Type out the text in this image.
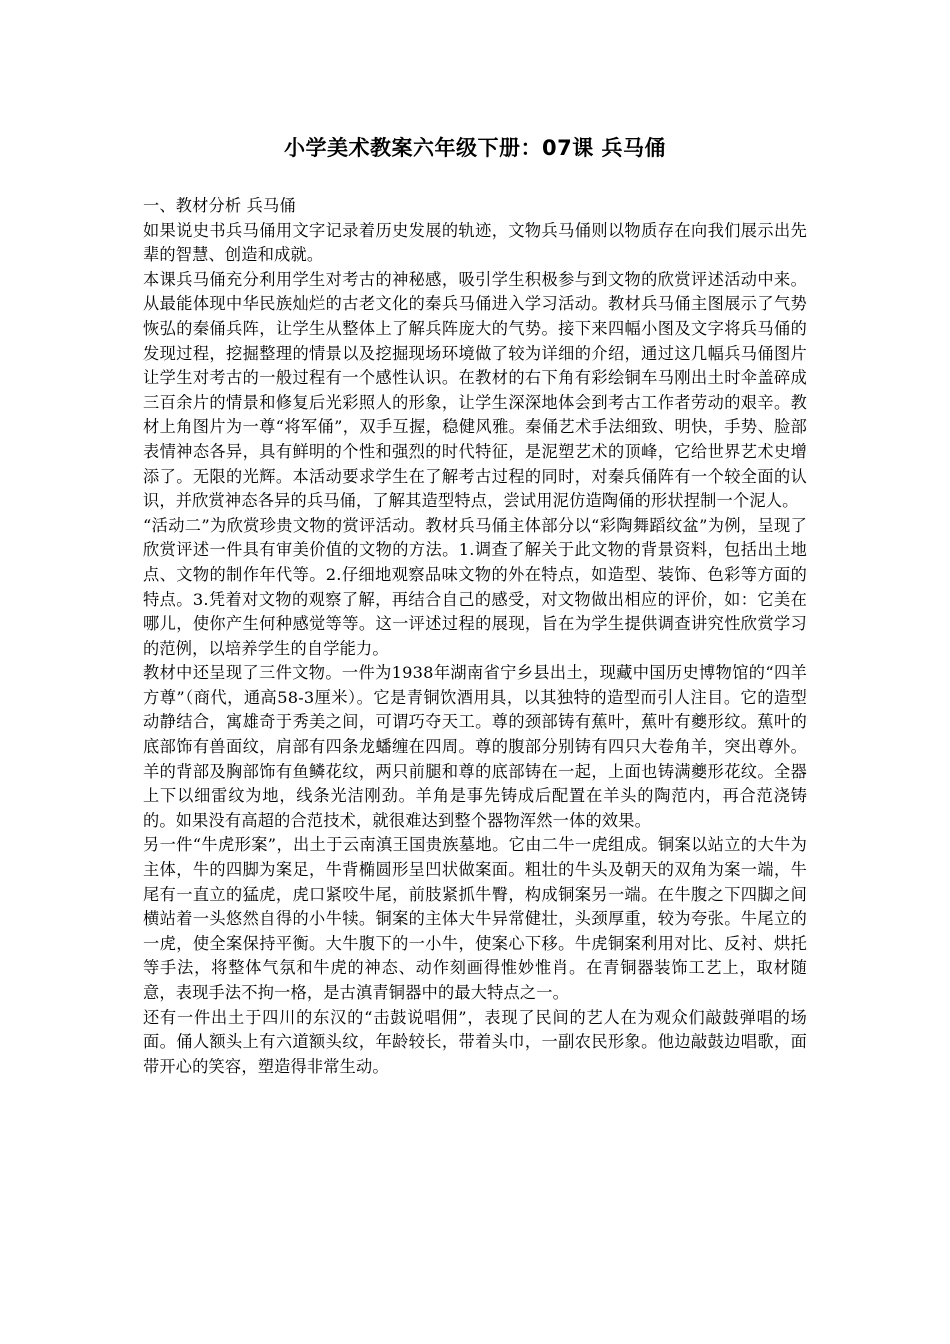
小学美术教案六年级下册：07课 兵马俑

一、教材分析 兵马俑

如果说史书兵马俑用文字记录着历史发展的轨迹，文物兵马俑则以物质存在向我们展示出先辈的智慧、创造和成就。

本课兵马俑充分利用学生对考古的神秘感，吸引学生积极参与到文物的欣赏评述活动中来。从最能体现中华民族灿烂的古老文化的秦兵马俑进入学习活动。教材兵马俑主图展示了气势恢弘的秦俑兵阵，让学生从整体上了解兵阵庞大的气势。接下来四幅小图及文字将兵马俑的发现过程，挖掘整理的情景以及挖掘现场环境做了较为详细的介绍，通过这几幅兵马俑图片让学生对考古的一般过程有一个感性认识。在教材的右下角有彩绘铜车马刚出土时伞盖碎成三百余片的情景和修复后光彩照人的形象，让学生深深地体会到考古工作者劳动的艰辛。教材上角图片为一尊“将军俑”，双手互握，稳健风雅。秦俑艺术手法细致、明快，手势、脸部表情神态各异，具有鲜明的个性和强烈的时代特征，是泥塑艺术的顶峰，它给世界艺术史增添了。无限的光辉。本活动要求学生在了解考古过程的同时，对秦兵俑阵有一个较全面的认识，并欣赏神态各异的兵马俑，了解其造型特点，尝试用泥仿造陶俑的形状捏制一个泥人。

“活动二”为欣赏珍贵文物的赏评活动。教材兵马俑主体部分以“彩陶舞蹈纹盆”为例，呈现了欣赏评述一件具有审美价值的文物的方法。1.调查了解关于此文物的背景资料，包括出土地点、文物的制作年代等。2.仔细地观察品味文物的外在特点，如造型、装饰、色彩等方面的特点。3.凭着对文物的观察了解，再结合自己的感受，对文物做出相应的评价，如：它美在哪儿，使你产生何种感觉等等。这一评述过程的展现，旨在为学生提供调查讲究性欣赏学习的范例，以培养学生的自学能力。

教材中还呈现了三件文物。一件为1938年湖南省宁乡县出土，现藏中国历史博物馆的“四羊方尊”（商代，通高58-3厘米）。它是青铜饮酒用具，以其独特的造型而引人注目。它的造型动静结合，寓雄奇于秀美之间，可谓巧夺天工。尊的颈部铸有蕉叶，蕉叶有夔形纹。蕉叶的底部饰有兽面纹，肩部有四条龙蟠缠在四周。尊的腹部分别铸有四只大卷角羊，突出尊外。羊的背部及胸部饰有鱼鳞花纹，两只前腿和尊的底部铸在一起，上面也铸满夔形花纹。全器上下以细雷纹为地，线条光洁刚劲。羊角是事先铸成后配置在羊头的陶范内，再合范浇铸的。如果没有高超的合范技术，就很难达到整个器物浑然一体的效果。

另一件“牛虎形案”，出土于云南滇王国贵族墓地。它由二牛一虎组成。铜案以站立的大牛为主体，牛的四脚为案足，牛背椭圆形呈凹状做案面。粗壮的牛头及朝天的双角为案一端，牛尾有一直立的猛虎，虎口紧咬牛尾，前肢紧抓牛臀，构成铜案另一端。在牛腹之下四脚之间横站着一头悠然自得的小牛犊。铜案的主体大牛异常健壮，头颈厚重，较为夸张。牛尾立的一虎，使全案保持平衡。大牛腹下的一小牛，使案心下移。牛虎铜案利用对比、反衬、烘托等手法，将整体气氛和牛虎的神态、动作刻画得惟妙惟肖。在青铜器装饰工艺上，取材随意，表现手法不拘一格，是古滇青铜器中的最大特点之一。

还有一件出土于四川的东汉的“击鼓说唱佣”，表现了民间的艺人在为观众们敲鼓弹唱的场面。俑人额头上有六道额头纹，年龄较长，带着头巾，一副农民形象。他边敲鼓边唱歌，面带开心的笑容，塑造得非常生动。
